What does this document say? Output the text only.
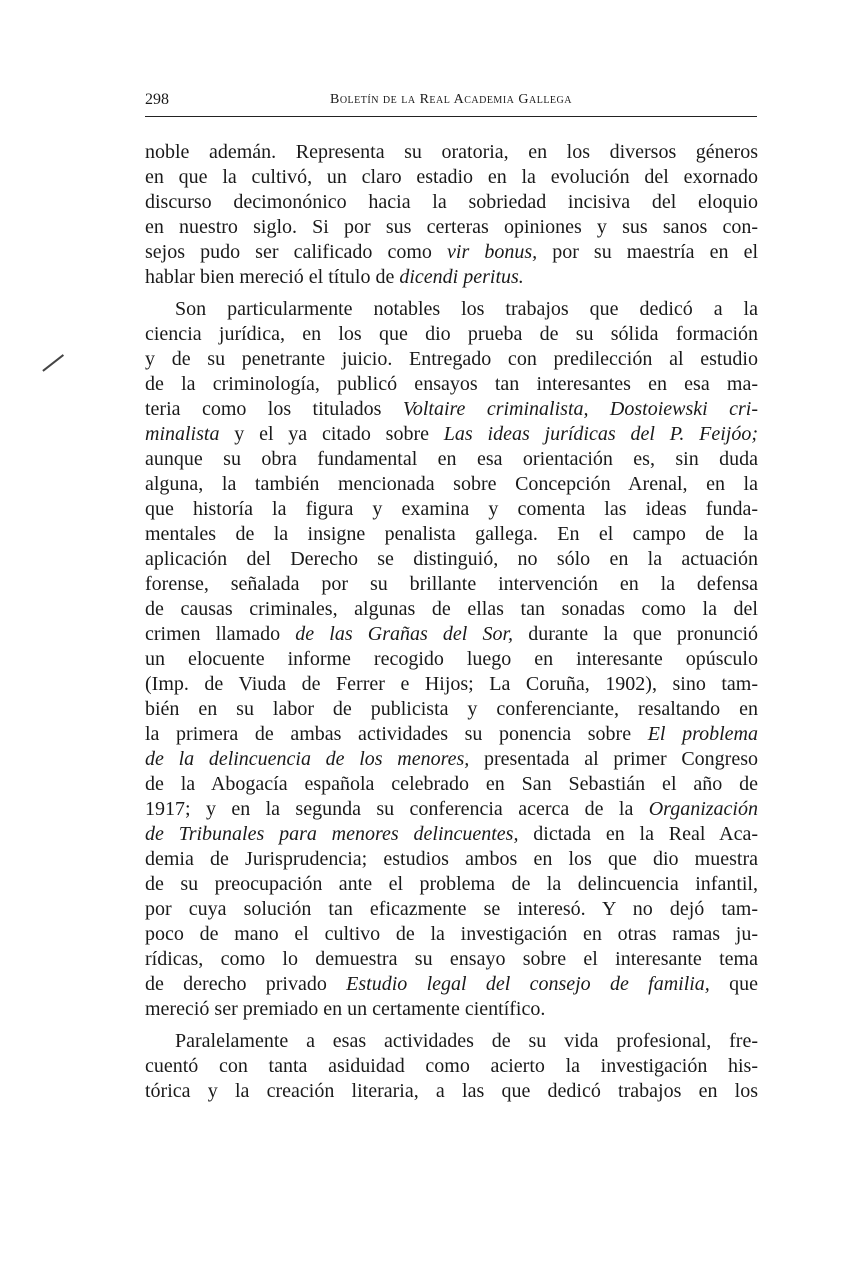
298	Boletín de la Real Academia Gallega
noble ademán. Representa su oratoria, en los diversos géneros
en que la cultivó, un claro estadio en la evolución del exornado
discurso decimonónico hacia la sobriedad incisiva del eloquio
en nuestro siglo. Si por sus certeras opiniones y sus sanos con-
sejos pudo ser calificado como vir bonus, por su maestría en el
hablar bien mereció el título de dicendi peritus.
Son particularmente notables los trabajos que dedicó a la
ciencia jurídica, en los que dio prueba de su sólida formación
y de su penetrante juicio. Entregado con predilección al estudio
de la criminología, publicó ensayos tan interesantes en esa ma-
teria como los titulados Voltaire criminalista, Dostoiewski cri-
minalista y el ya citado sobre Las ideas jurídicas del P. Feijóo;
aunque su obra fundamental en esa orientación es, sin duda
alguna, la también mencionada sobre Concepción Arenal, en la
que historía la figura y examina y comenta las ideas funda-
mentales de la insigne penalista gallega. En el campo de la
aplicación del Derecho se distinguió, no sólo en la actuación
forense, señalada por su brillante intervención en la defensa
de causas criminales, algunas de ellas tan sonadas como la del
crimen llamado de las Grañas del Sor, durante la que pronunció
un elocuente informe recogido luego en interesante opúsculo
(Imp. de Viuda de Ferrer e Hijos; La Coruña, 1902), sino tam-
bién en su labor de publicista y conferenciante, resaltando en
la primera de ambas actividades su ponencia sobre El problema
de la delincuencia de los menores, presentada al primer Congreso
de la Abogacía española celebrado en San Sebastián el año de
1917; y en la segunda su conferencia acerca de la Organización
de Tribunales para menores delincuentes, dictada en la Real Aca-
demia de Jurisprudencia; estudios ambos en los que dio muestra
de su preocupación ante el problema de la delincuencia infantil,
por cuya solución tan eficazmente se interesó. Y no dejó tam-
poco de mano el cultivo de la investigación en otras ramas ju-
rídicas, como lo demuestra su ensayo sobre el interesante tema
de derecho privado Estudio legal del consejo de familia, que
mereció ser premiado en un certamente científico.
Paralelamente a esas actividades de su vida profesional, fre-
cuentó con tanta asiduidad como acierto la investigación his-
tórica y la creación literaria, a las que dedicó trabajos en los
